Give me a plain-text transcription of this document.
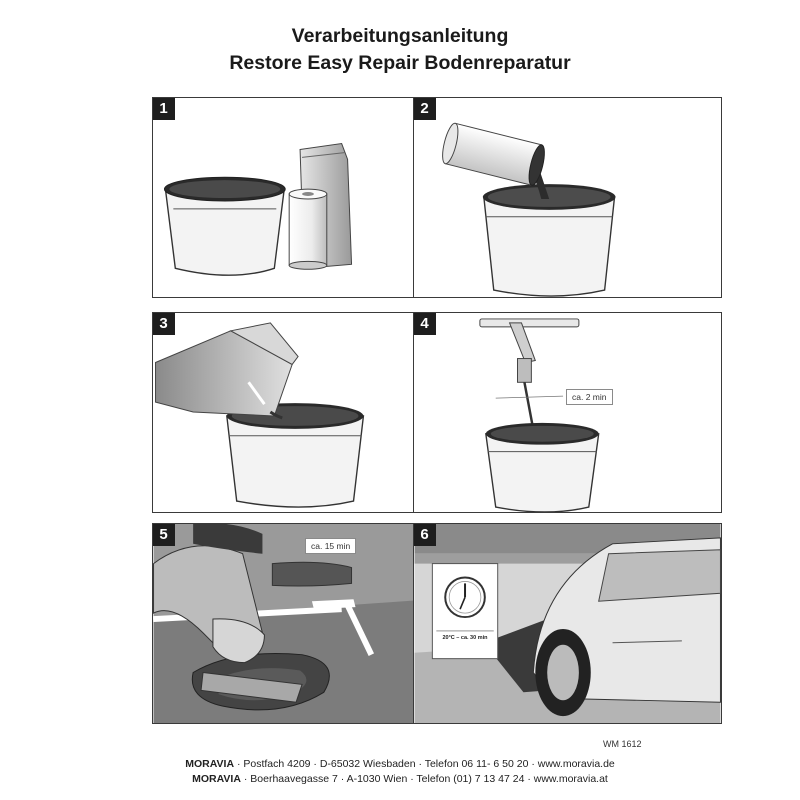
Verarbeitungsanleitung
Restore Easy Repair Bodenreparatur
1	2
3	4
ca. 2 min
5
ca. 15 min
6
20°C – ca. 30 min
WM 1612
MORAVIA · Postfach 4209 · D-65032 Wiesbaden · Telefon 06 11- 6 50 20 · www.moravia.de
MORAVIA · Boerhaavegasse 7 · A-1030 Wien · Telefon (01) 7 13 47 24 · www.moravia.at
